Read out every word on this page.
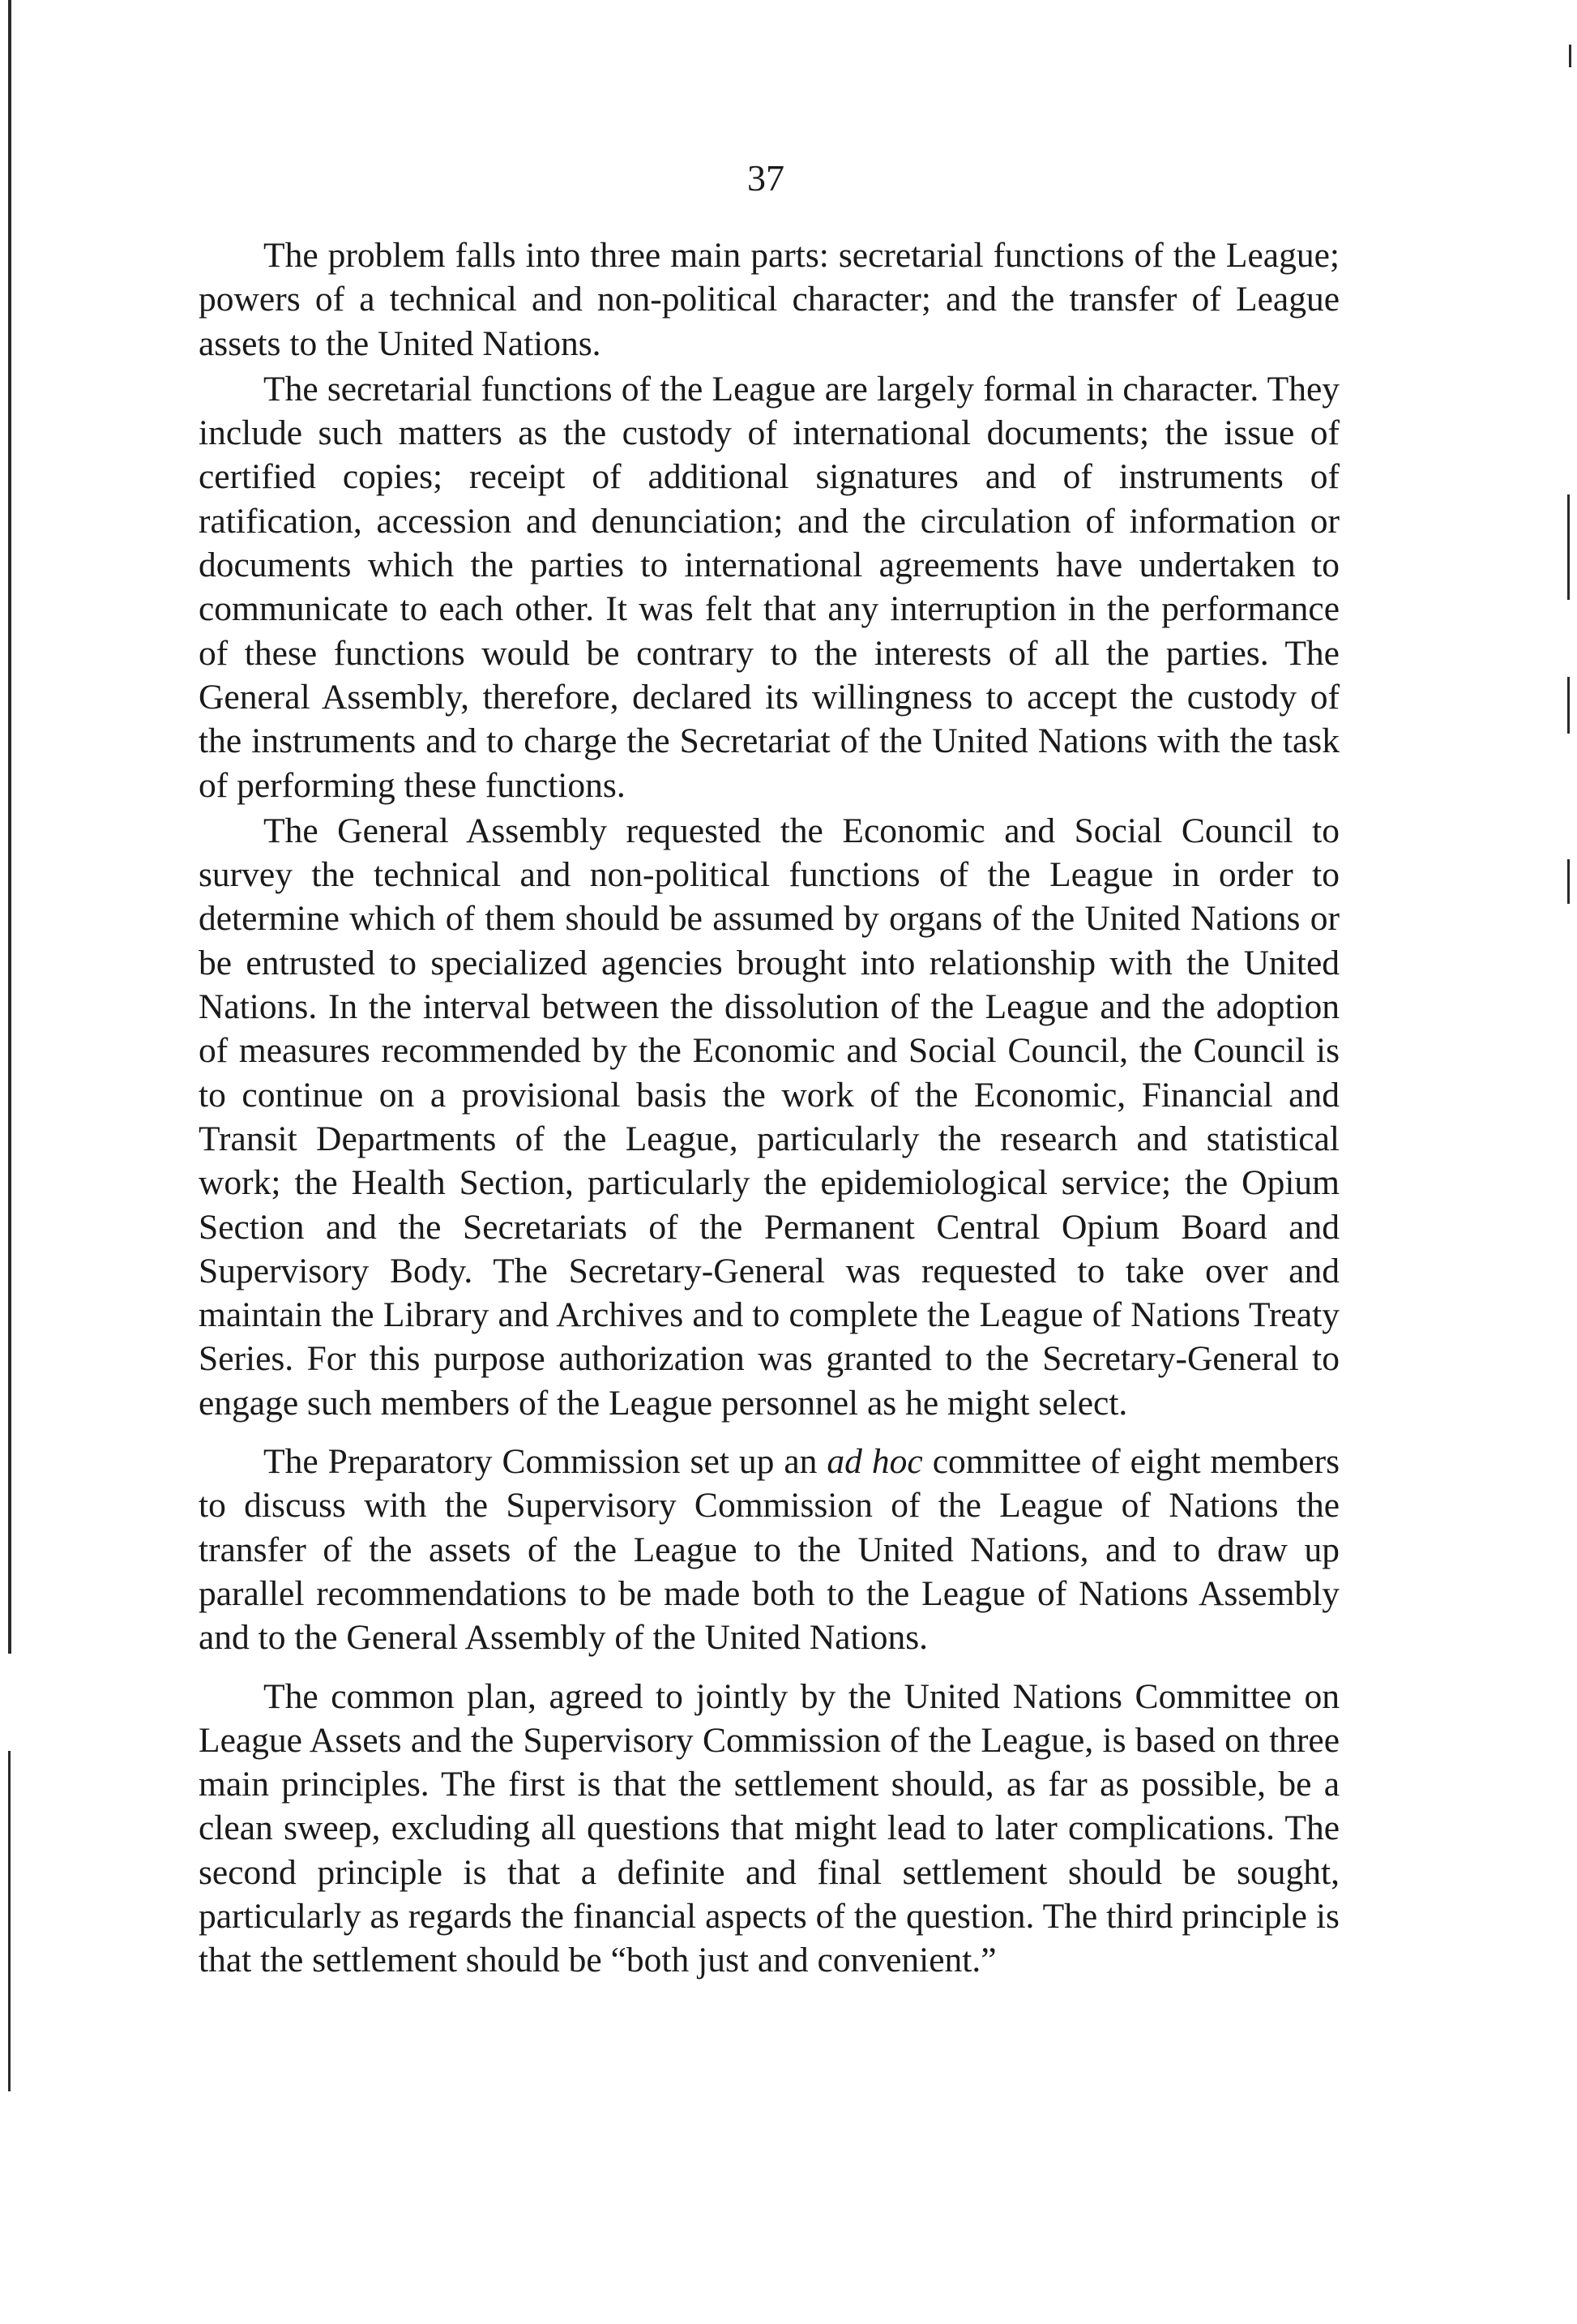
37

The problem falls into three main parts: secretarial functions of the League; powers of a technical and non-political character; and the transfer of League assets to the United Nations.

The secretarial functions of the League are largely formal in character. They include such matters as the custody of international documents; the issue of certified copies; receipt of additional signatures and of instruments of ratification, accession and denunciation; and the circulation of information or documents which the parties to international agreements have undertaken to communicate to each other. It was felt that any interruption in the performance of these functions would be contrary to the interests of all the parties. The General Assembly, therefore, declared its willingness to accept the custody of the instruments and to charge the Secretariat of the United Nations with the task of performing these functions.

The General Assembly requested the Economic and Social Council to survey the technical and non-political functions of the League in order to determine which of them should be assumed by organs of the United Nations or be entrusted to specialized agencies brought into relationship with the United Nations. In the interval between the dissolution of the League and the adoption of measures recommended by the Economic and Social Council, the Council is to continue on a provisional basis the work of the Economic, Financial and Transit Departments of the League, particularly the research and statistical work; the Health Section, particularly the epidemiological service; the Opium Section and the Secretariats of the Permanent Central Opium Board and Supervisory Body. The Secretary-General was requested to take over and maintain the Library and Archives and to complete the League of Nations Treaty Series. For this purpose authorization was granted to the Secretary-General to engage such members of the League personnel as he might select.

The Preparatory Commission set up an ad hoc committee of eight members to discuss with the Supervisory Commission of the League of Nations the transfer of the assets of the League to the United Nations, and to draw up parallel recommendations to be made both to the League of Nations Assembly and to the General Assembly of the United Nations.

The common plan, agreed to jointly by the United Nations Committee on League Assets and the Supervisory Commission of the League, is based on three main principles. The first is that the settlement should, as far as possible, be a clean sweep, excluding all questions that might lead to later complications. The second principle is that a definite and final settlement should be sought, particularly as regards the financial aspects of the question. The third principle is that the settlement should be “both just and convenient.”
